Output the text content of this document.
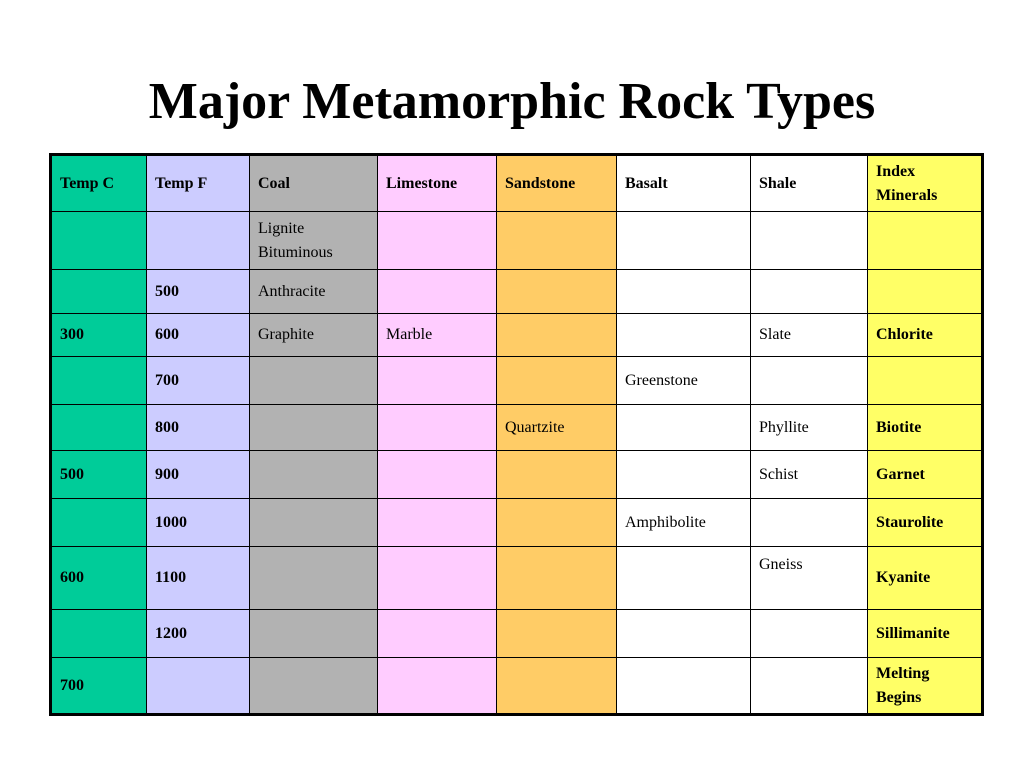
Major Metamorphic Rock Types
Temp C	Temp F	Coal	Limestone	Sandstone	Basalt	Shale	Index Minerals
		Lignite Bituminous					
	500	Anthracite					
300	600	Graphite	Marble			Slate	Chlorite
	700				Greenstone		
	800			Quartzite		Phyllite	Biotite
500	900					Schist	Garnet
	1000				Amphibolite		Staurolite
600	1100					Gneiss	Kyanite
	1200						Sillimanite
700							Melting Begins
